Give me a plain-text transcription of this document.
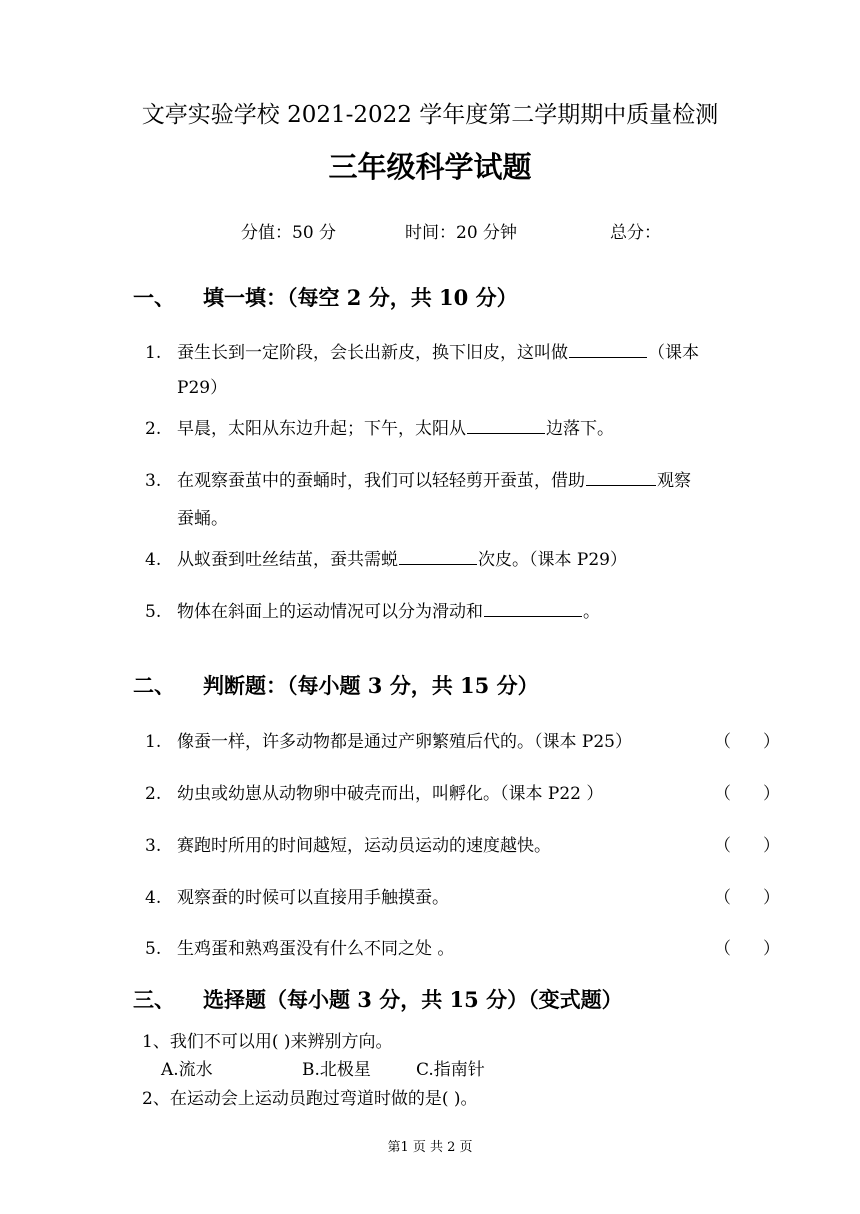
文亭实验学校 2021-2022 学年度第二学期期中质量检测
三年级科学试题
分值：50 分	时间：20 分钟	总分：
一、 填一填：（每空 2 分，共 10 分）
1. 蚕生长到一定阶段，会长出新皮，换下旧皮，这叫做	（课本
P29）
2. 早晨，太阳从东边升起；下午，太阳从	边落下。
3. 在观察蚕茧中的蚕蛹时，我们可以轻轻剪开蚕茧，借助	观察
蚕蛹。
4. 从蚁蚕到吐丝结茧，蚕共需蜕	次皮。（课本 P29）
5. 物体在斜面上的运动情况可以分为滑动和	。
二、 判断题：（每小题 3 分，共 15 分）
1. 像蚕一样，许多动物都是通过产卵繁殖后代的。（课本 P25）	（ ）
2. 幼虫或幼崽从动物卵中破壳而出，叫孵化。（课本 P22 ）	（ ）
3. 赛跑时所用的时间越短，运动员运动的速度越快。	（ ）
4. 观察蚕的时候可以直接用手触摸蚕。	（ ）
5. 生鸡蛋和熟鸡蛋没有什么不同之处 。	（ ）
三、 选择题（每小题 3 分，共 15 分）（变式题）
1、我们不可以用( )来辨别方向。
A.流水	B.北极星	C.指南针
2、在运动会上运动员跑过弯道时做的是( )。
第1 页 共 2 页
